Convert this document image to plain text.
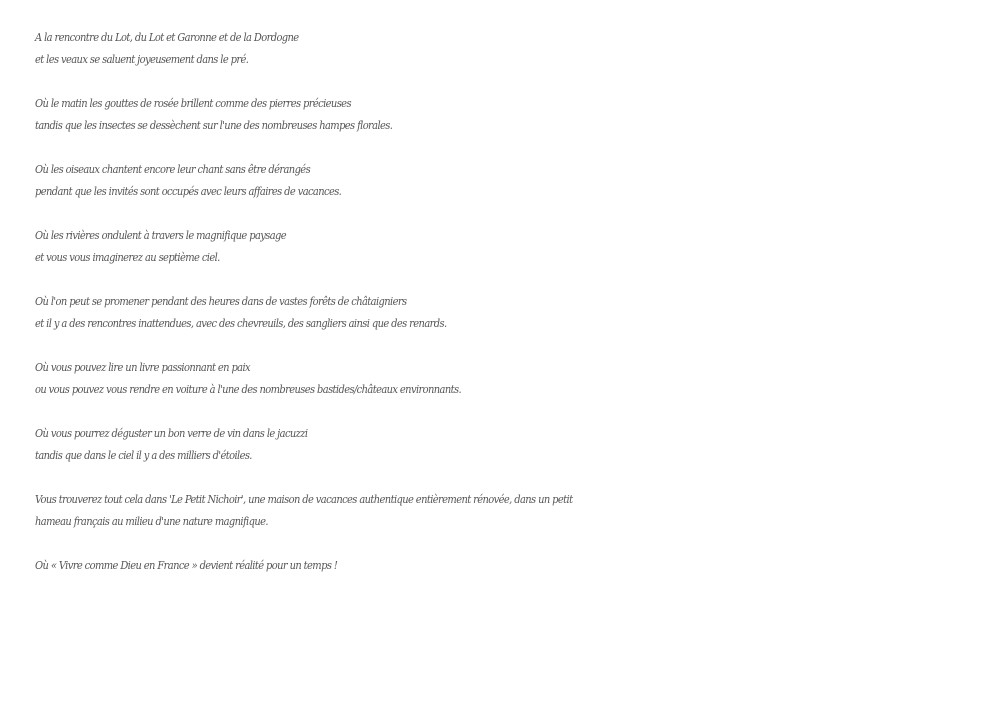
A la rencontre du Lot, du Lot et Garonne et de la Dordogne
et les veaux se saluent joyeusement dans le pré.
Où le matin les gouttes de rosée brillent comme des pierres précieuses
tandis que les insectes se dessèchent sur l'une des nombreuses hampes florales.
Où les oiseaux chantent encore leur chant sans être dérangés
pendant que les invités sont occupés avec leurs affaires de vacances.
Où les rivières ondulent à travers le magnifique paysage
et vous vous imaginerez au septième ciel.
Où l'on peut se promener pendant des heures dans de vastes forêts de châtaigniers
et il y a des rencontres inattendues, avec des chevreuils, des sangliers ainsi que des renards.
Où vous pouvez lire un livre passionnant en paix
ou vous pouvez vous rendre en voiture à l'une des nombreuses bastides/châteaux environnants.
Où vous pourrez déguster un bon verre de vin dans le jacuzzi
tandis que dans le ciel il y a des milliers d'étoiles.
Vous trouverez tout cela dans 'Le Petit Nichoir', une maison de vacances authentique entièrement rénovée, dans un petit
hameau français au milieu d'une nature magnifique.
Où « Vivre comme Dieu en France » devient réalité pour un temps !
